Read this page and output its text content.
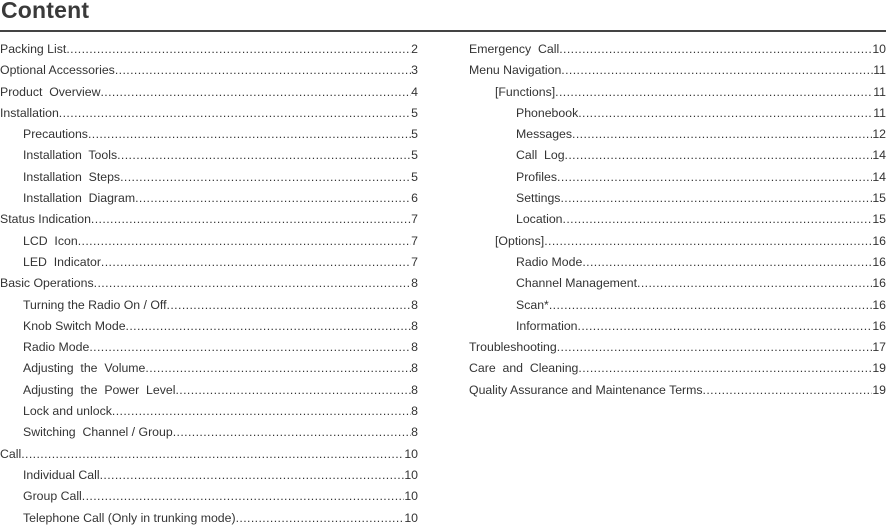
Content
Packing List .....	2
Optional Accessories .....	3
Product  Overview .....	4
Installation .....	5
Precautions .....	5
Installation  Tools .....	5
Installation  Steps .....	5
Installation  Diagram .....	6
Status Indication .....	7
LCD  Icon .....	7
LED  Indicator .....	7
Basic Operations .....	8
Turning the Radio On / Off .....	8
Knob Switch Mode .....	8
Radio Mode .....	8
Adjusting  the  Volume .....	8
Adjusting  the  Power  Level .....	8
Lock and unlock .....	8
Switching  Channel / Group .....	8
Call .....	10
Individual Call .....	10
Group Call .....	10
Telephone Call (Only in trunking mode) .....	10
Emergency  Call .....	10
Menu Navigation .....	11
[Functions] .....	11
Phonebook .....	11
Messages .....	12
Call  Log .....	14
Profiles .....	14
Settings .....	15
Location .....	15
[Options] .....	16
Radio Mode .....	16
Channel Management .....	16
Scan* .....	16
Information .....	16
Troubleshooting .....	17
Care  and  Cleaning .....	19
Quality Assurance and Maintenance Terms .....	19
